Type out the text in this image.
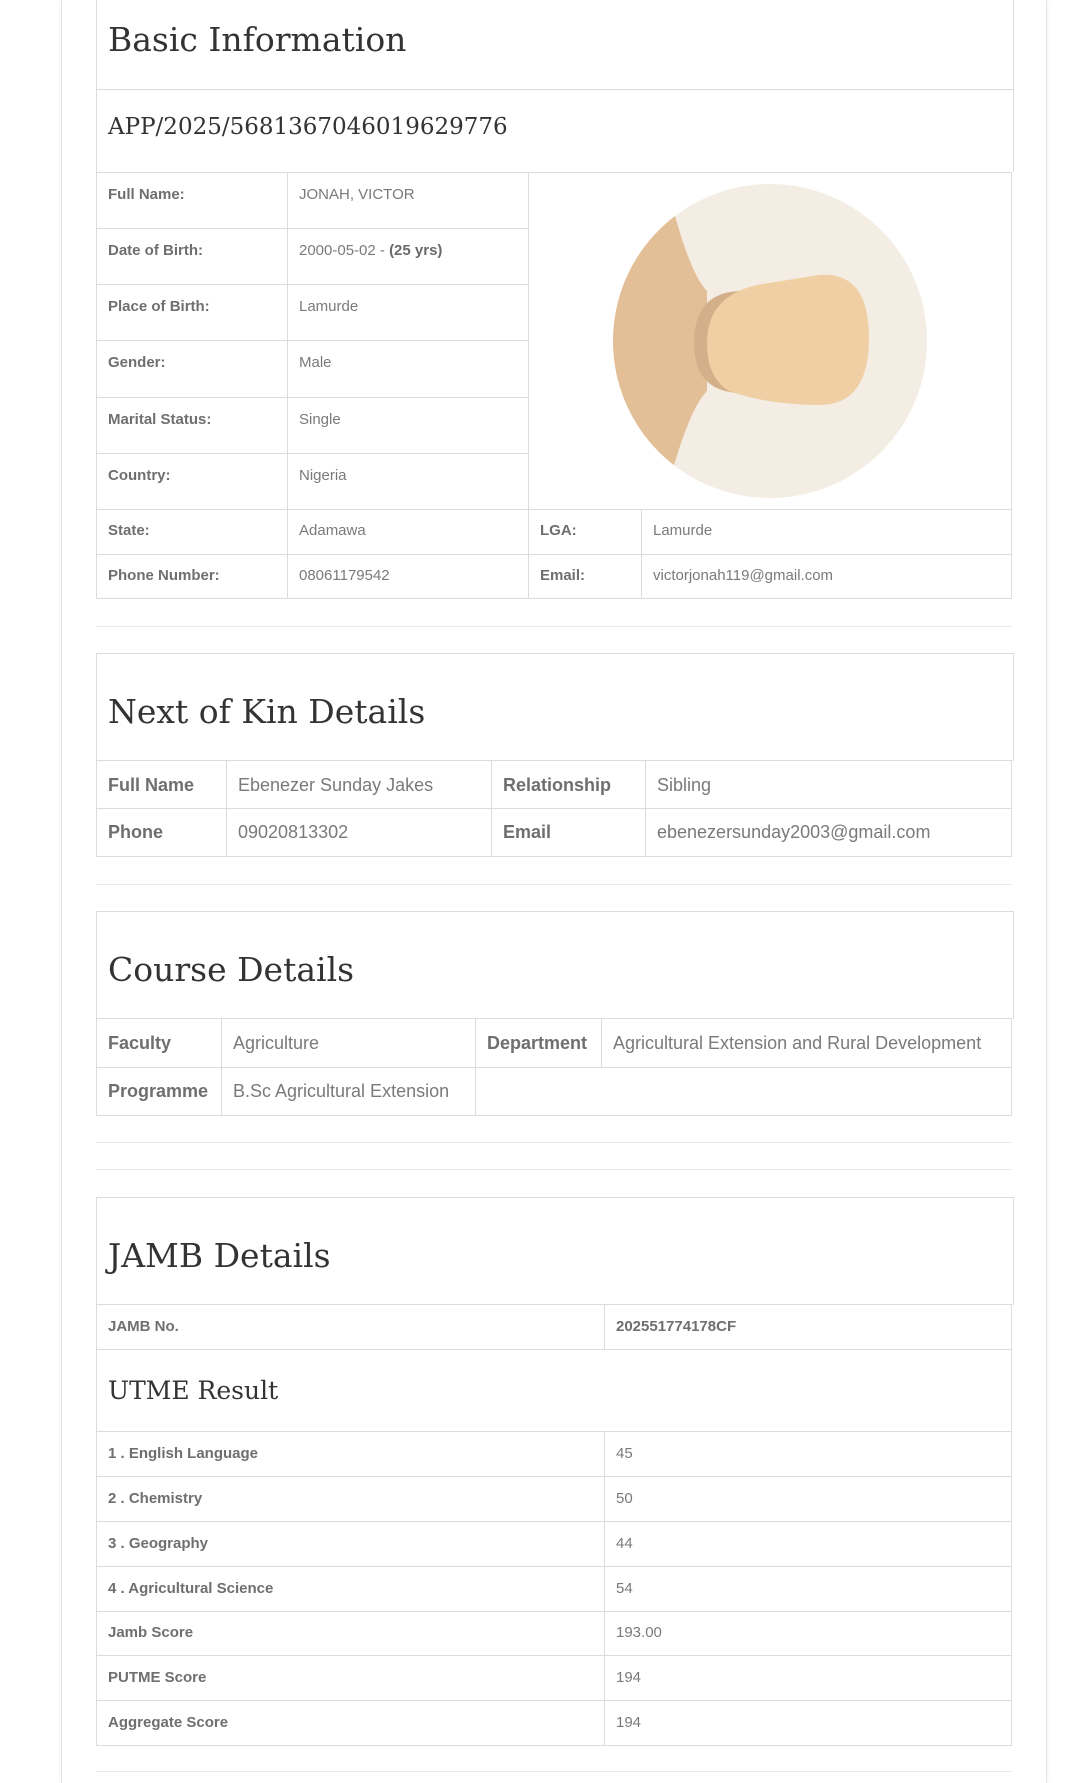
Basic Information
APP/2025/5681367046019629776
Full Name:	JONAH, VICTOR

Date of Birth:	2000-05-02 - (25 yrs)		

Place of Birth:	Lamurde		

Gender:	Male		

Marital Status:	Single		

Country:	Nigeria		

State:	Adamawa	LGA:	Lamurde

Phone Number:	08061179542	Email:	victorjonah119@gmail.com
Next of Kin Details
Full Name	Ebenezer Sunday Jakes	Relationship	Sibling

Phone	09020813302	Email	ebenezersunday2003@gmail.com
Course Details
Faculty	Agriculture	Department	Agricultural Extension and Rural Development

Programme	B.Sc Agricultural Extension		

JAMB Details
JAMB No.	202551774178CF

UTME Result	

1 . English Language	45

2 . Chemistry	50

3 . Geography	44

4 . Agricultural Science	54

Jamb Score	193.00

PUTME Score	194

Aggregate Score	194
